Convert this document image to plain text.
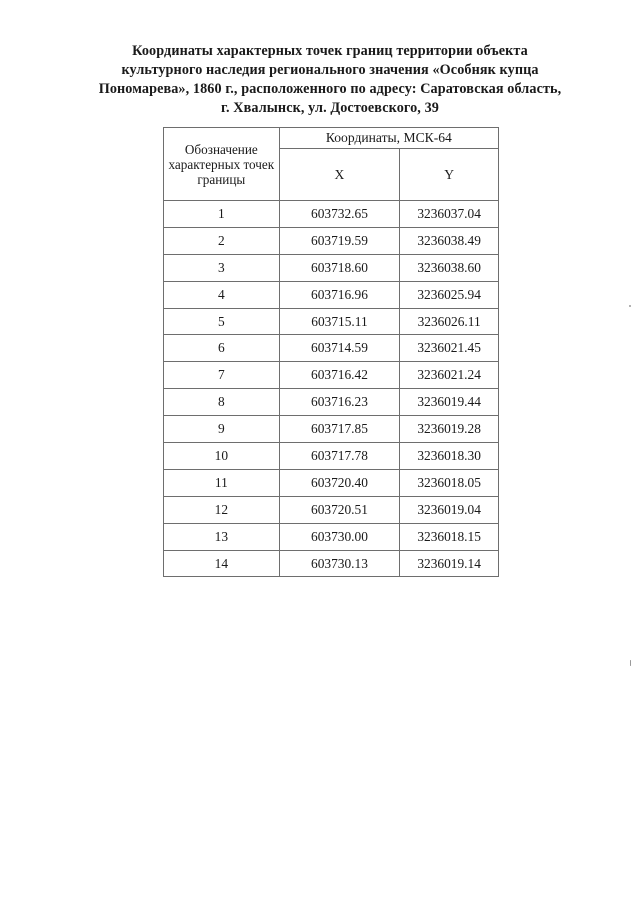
Координаты характерных точек границ территории объекта
культурного наследия регионального значения «Особняк купца
Пономарева», 1860 г., расположенного по адресу: Саратовская область,
г. Хвалынск, ул. Достоевского, 39
Обозначение характерных точек границы	Координаты, МСК-64	
	X	Y
1	603732.65	3236037.04
2	603719.59	3236038.49
3	603718.60	3236038.60
4	603716.96	3236025.94
5	603715.11	3236026.11
6	603714.59	3236021.45
7	603716.42	3236021.24
8	603716.23	3236019.44
9	603717.85	3236019.28
10	603717.78	3236018.30
11	603720.40	3236018.05
12	603720.51	3236019.04
13	603730.00	3236018.15
14	603730.13	3236019.14
